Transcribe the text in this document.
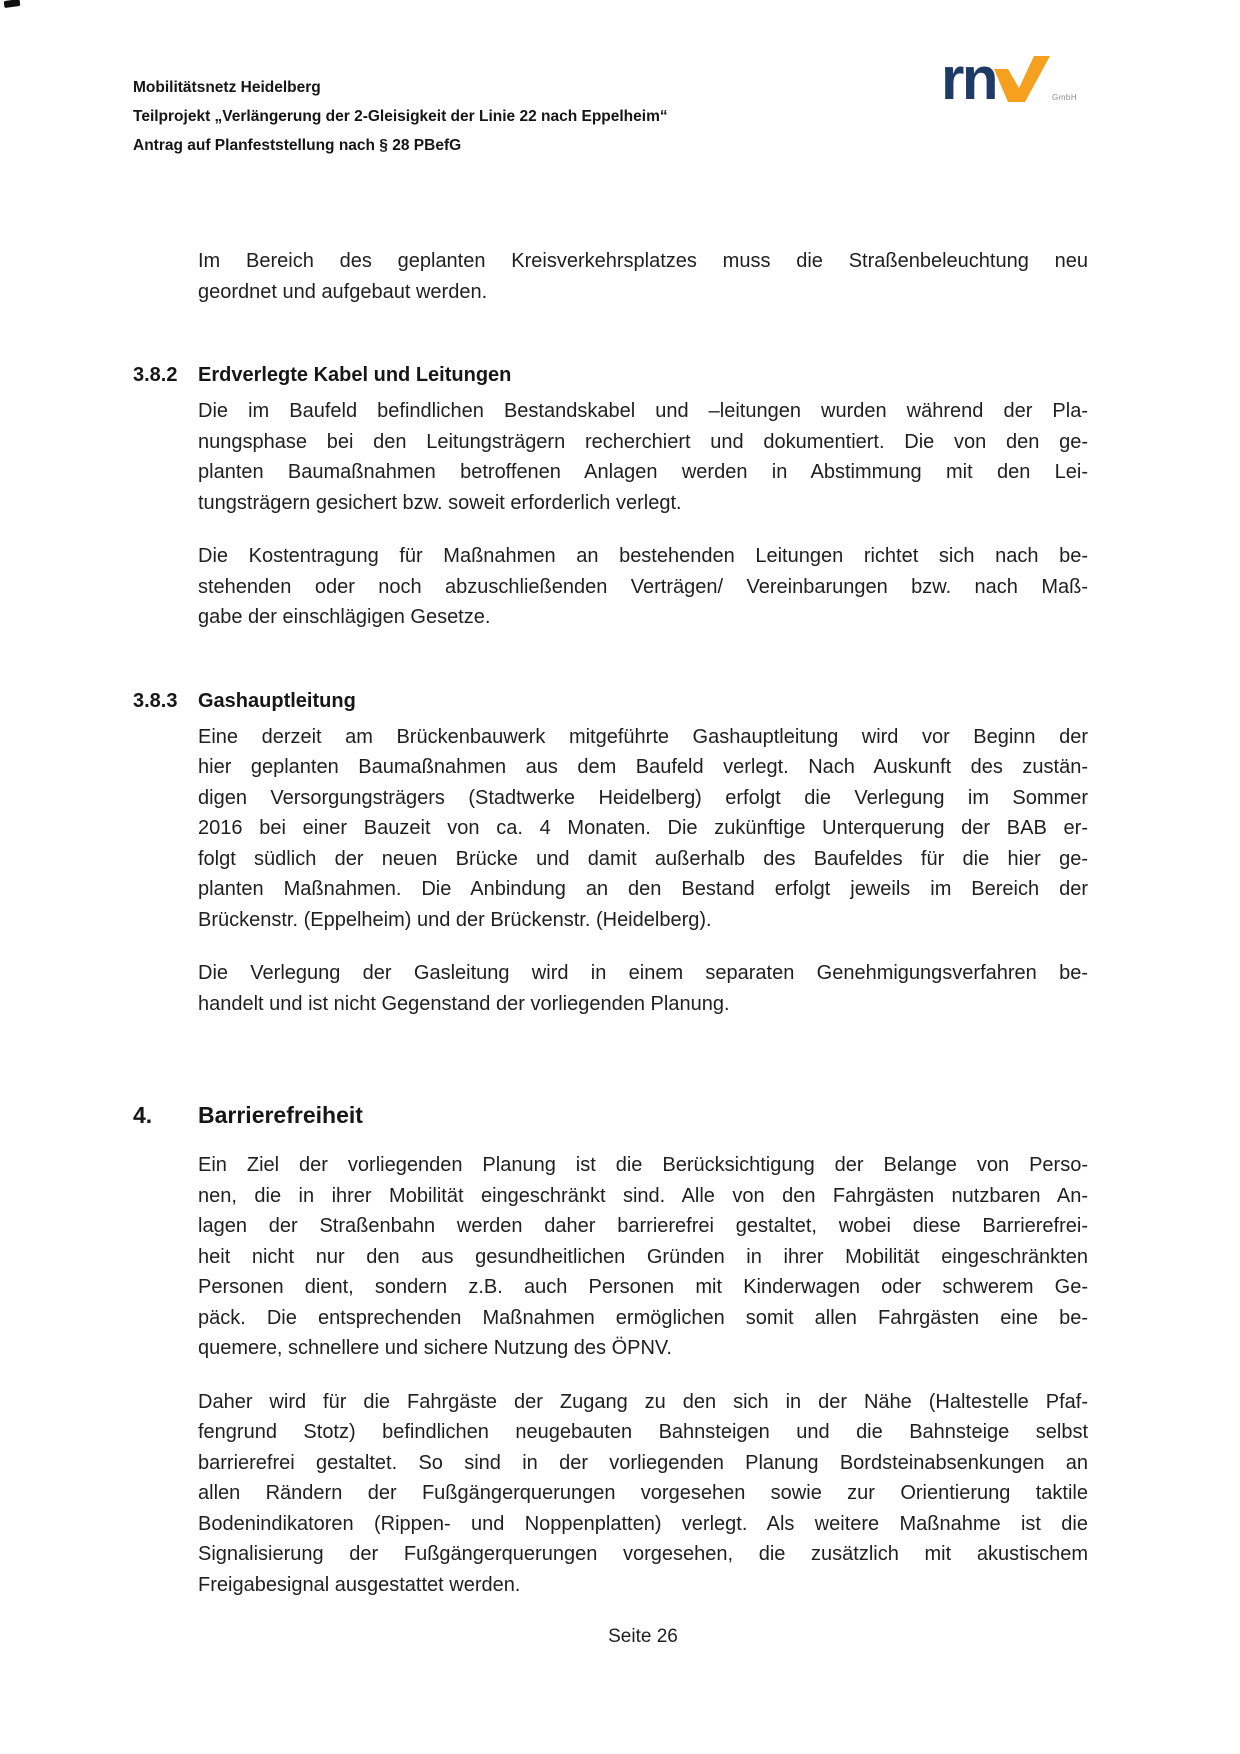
Mobilitätsnetz Heidelberg
Teilprojekt „Verlängerung der 2-Gleisigkeit der Linie 22 nach Eppelheim“
Antrag auf Planfeststellung nach § 28 PBefG
rn	GmbH
Im Bereich des geplanten Kreisverkehrsplatzes muss die Straßenbeleuchtung neu
geordnet und aufgebaut werden.
3.8.2	Erdverlegte Kabel und Leitungen
Die im Baufeld befindlichen Bestandskabel und –leitungen wurden während der Pla-
nungsphase bei den Leitungsträgern recherchiert und dokumentiert. Die von den ge-
planten Baumaßnahmen betroffenen Anlagen werden in Abstimmung mit den Lei-
tungsträgern gesichert bzw. soweit erforderlich verlegt.
Die Kostentragung für Maßnahmen an bestehenden Leitungen richtet sich nach be-
stehenden oder noch abzuschließenden Verträgen/ Vereinbarungen bzw. nach Maß-
gabe der einschlägigen Gesetze.
3.8.3	Gashauptleitung
Eine derzeit am Brückenbauwerk mitgeführte Gashauptleitung wird vor Beginn der
hier geplanten Baumaßnahmen aus dem Baufeld verlegt. Nach Auskunft des zustän-
digen Versorgungsträgers (Stadtwerke Heidelberg) erfolgt die Verlegung im Sommer
2016 bei einer Bauzeit von ca. 4 Monaten. Die zukünftige Unterquerung der BAB er-
folgt südlich der neuen Brücke und damit außerhalb des Baufeldes für die hier ge-
planten Maßnahmen. Die Anbindung an den Bestand erfolgt jeweils im Bereich der
Brückenstr. (Eppelheim) und der Brückenstr. (Heidelberg).
Die Verlegung der Gasleitung wird in einem separaten Genehmigungsverfahren be-
handelt und ist nicht Gegenstand der vorliegenden Planung.
4.	Barrierefreiheit
Ein Ziel der vorliegenden Planung ist die Berücksichtigung der Belange von Perso-
nen, die in ihrer Mobilität eingeschränkt sind. Alle von den Fahrgästen nutzbaren An-
lagen der Straßenbahn werden daher barrierefrei gestaltet, wobei diese Barrierefrei-
heit nicht nur den aus gesundheitlichen Gründen in ihrer Mobilität eingeschränkten
Personen dient, sondern z.B. auch Personen mit Kinderwagen oder schwerem Ge-
päck. Die entsprechenden Maßnahmen ermöglichen somit allen Fahrgästen eine be-
quemere, schnellere und sichere Nutzung des ÖPNV.
Daher wird für die Fahrgäste der Zugang zu den sich in der Nähe (Haltestelle Pfaf-
fengrund Stotz) befindlichen neugebauten Bahnsteigen und die Bahnsteige selbst
barrierefrei gestaltet. So sind in der vorliegenden Planung Bordsteinabsenkungen an
allen Rändern der Fußgängerquerungen vorgesehen sowie zur Orientierung taktile
Bodenindikatoren (Rippen- und Noppenplatten) verlegt. Als weitere Maßnahme ist die
Signalisierung der Fußgängerquerungen vorgesehen, die zusätzlich mit akustischem
Freigabesignal ausgestattet werden.
Seite 26
